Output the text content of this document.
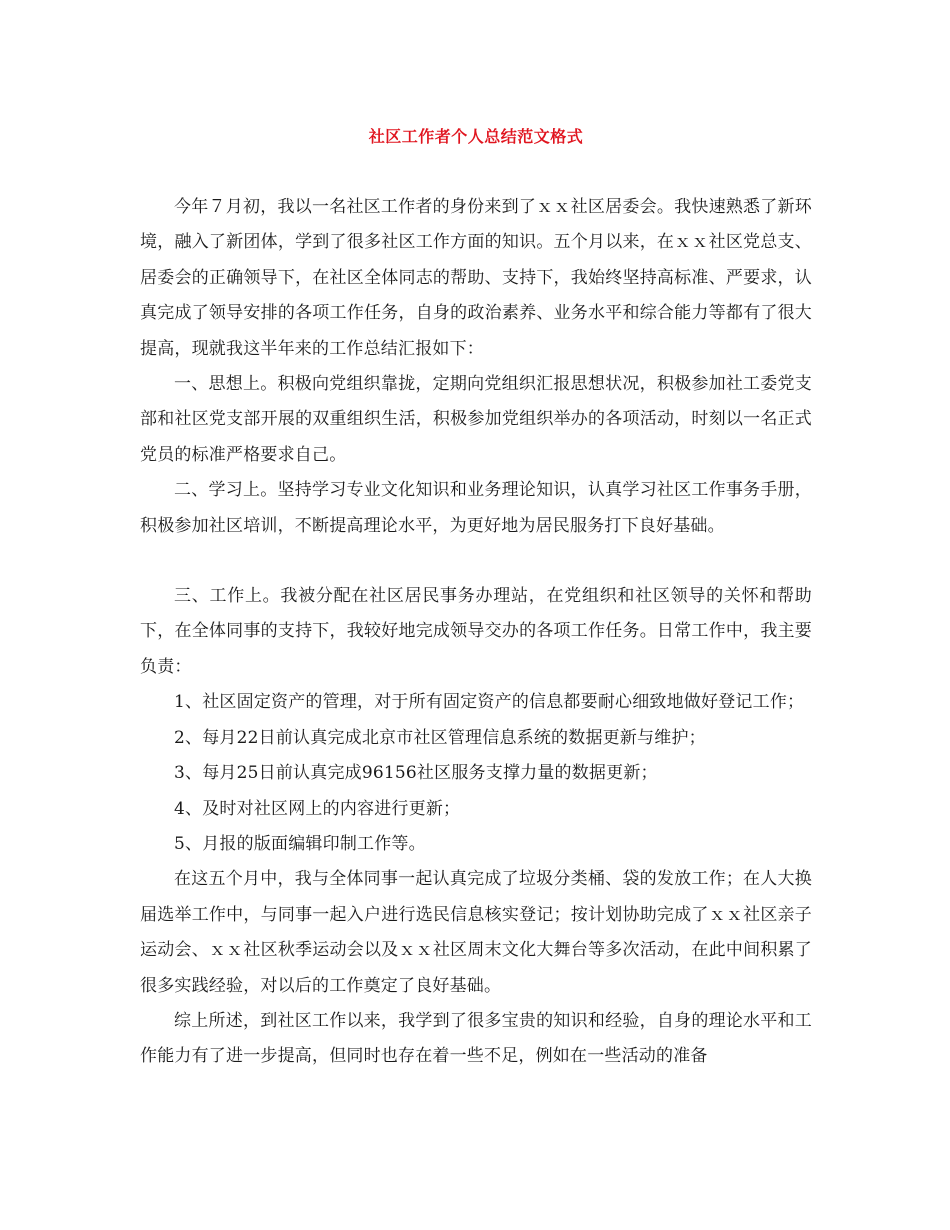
社区工作者个人总结范文格式

今年７月初，我以一名社区工作者的身份来到了ｘｘ社区居委会。我快速熟悉了新环境，融入了新团体，学到了很多社区工作方面的知识。五个月以来，在ｘｘ社区党总支、居委会的正确领导下，在社区全体同志的帮助、支持下，我始终坚持高标准、严要求，认真完成了领导安排的各项工作任务，自身的政治素养、业务水平和综合能力等都有了很大提高，现就我这半年来的工作总结汇报如下：

一、思想上。积极向党组织靠拢，定期向党组织汇报思想状况，积极参加社工委党支部和社区党支部开展的双重组织生活，积极参加党组织举办的各项活动，时刻以一名正式党员的标准严格要求自己。

二、学习上。坚持学习专业文化知识和业务理论知识，认真学习社区工作事务手册，积极参加社区培训，不断提高理论水平，为更好地为居民服务打下良好基础。

三、工作上。我被分配在社区居民事务办理站，在党组织和社区领导的关怀和帮助下，在全体同事的支持下，我较好地完成领导交办的各项工作任务。日常工作中，我主要负责：

1、社区固定资产的管理，对于所有固定资产的信息都要耐心细致地做好登记工作；

2、每月22日前认真完成北京市社区管理信息系统的数据更新与维护；

3、每月25日前认真完成96156社区服务支撑力量的数据更新；

4、及时对社区网上的内容进行更新；

5、月报的版面编辑印制工作等。

在这五个月中，我与全体同事一起认真完成了垃圾分类桶、袋的发放工作；在人大换届选举工作中，与同事一起入户进行选民信息核实登记；按计划协助完成了ｘｘ社区亲子运动会、ｘｘ社区秋季运动会以及ｘｘ社区周末文化大舞台等多次活动，在此中间积累了很多实践经验，对以后的工作奠定了良好基础。

综上所述，到社区工作以来，我学到了很多宝贵的知识和经验，自身的理论水平和工作能力有了进一步提高，但同时也存在着一些不足，例如在一些活动的准备
